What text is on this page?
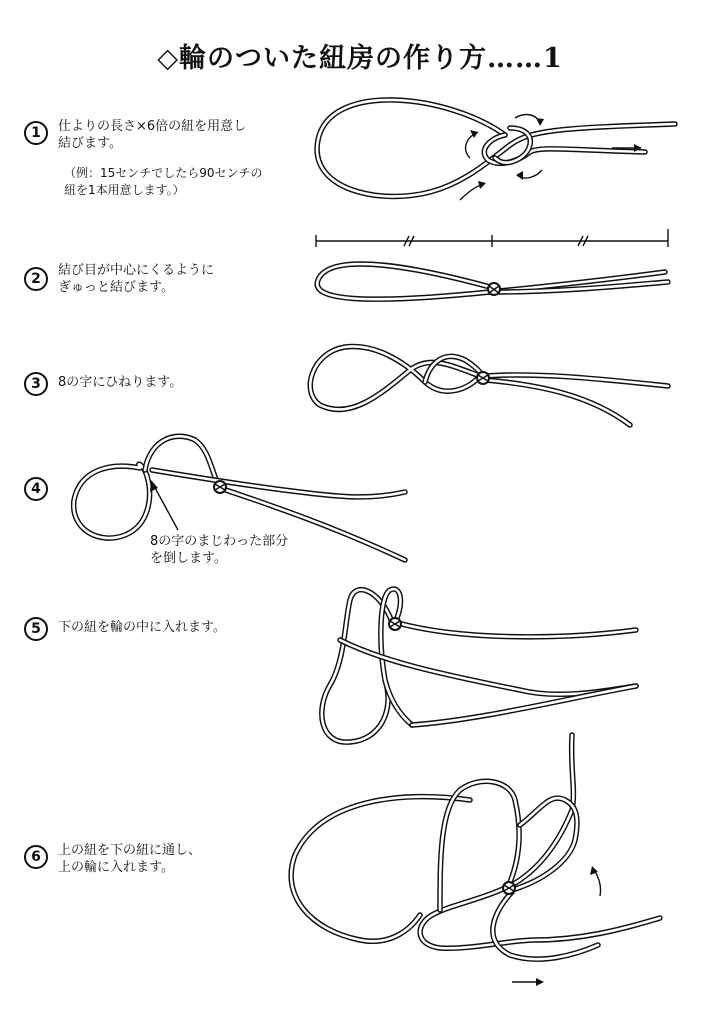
◇輪のついた紐房の作り方……1
1	仕よりの長さ×6倍の紐を用意し
結びます。
（例：15センチでしたら90センチの
紐を1本用意します。）
2
結び目が中心にくるように
ぎゅっと結びます。
3	8の字にひねります。
4
8の字のまじわった部分
を倒します。
5	下の紐を輪の中に入れます。
6	上の紐を下の紐に通し、
上の輪に入れます。
